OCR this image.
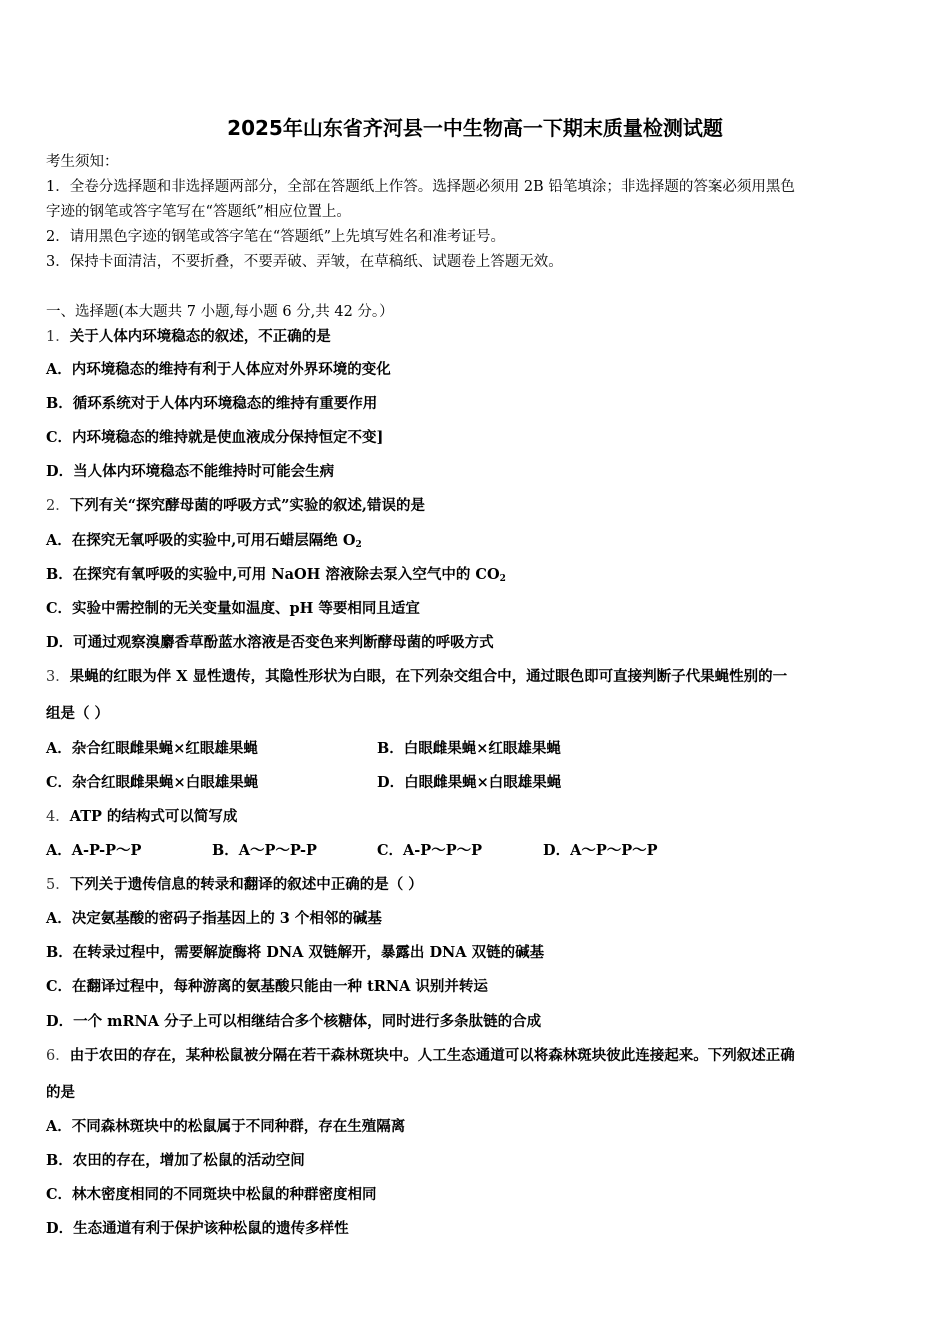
2025年山东省齐河县一中生物高一下期末质量检测试题
考生须知：
1．全卷分选择题和非选择题两部分，全部在答题纸上作答。选择题必须用 2B 铅笔填涂；非选择题的答案必须用黑色
字迹的钢笔或答字笔写在“答题纸”相应位置上。
2．请用黑色字迹的钢笔或答字笔在“答题纸”上先填写姓名和准考证号。
3．保持卡面清洁，不要折叠，不要弄破、弄皱，在草稿纸、试题卷上答题无效。
一、选择题(本大题共 7 小题,每小题 6 分,共 42 分。）
1．关于人体内环境稳态的叙述，不正确的是
A．内环境稳态的维持有利于人体应对外界环境的变化
B．循环系统对于人体内环境稳态的维持有重要作用
C．内环境稳态的维持就是使血液成分保持恒定不变]
D．当人体内环境稳态不能维持时可能会生病
2．下列有关“探究酵母菌的呼吸方式”实验的叙述,错误的是
A．在探究无氧呼吸的实验中,可用石蜡层隔绝 $O_2$
B．在探究有氧呼吸的实验中,可用 NaOH 溶液除去泵入空气中的 $CO_2$
C．实验中需控制的无关变量如温度、pH 等要相同且适宜
D．可通过观察溴麝香草酚蓝水溶液是否变色来判断酵母菌的呼吸方式
3．果蝇的红眼为伴 X 显性遗传，其隐性形状为白眼，在下列杂交组合中，通过眼色即可直接判断子代果蝇性别的一
组是（ ）
A．杂合红眼雌果蝇×红眼雄果蝇	B．白眼雌果蝇×红眼雄果蝇
C．杂合红眼雌果蝇×白眼雄果蝇	D．白眼雌果蝇×白眼雄果蝇
4．ATP 的结构式可以简写成
A．A-P-P～P	B．A～P～P-P	C．A-P～P～P	D．A～P～P～P
5．下列关于遗传信息的转录和翻译的叙述中正确的是（ ）
A．决定氨基酸的密码子指基因上的 3 个相邻的碱基
B．在转录过程中，需要解旋酶将 DNA 双链解开，暴露出 DNA 双链的碱基
C．在翻译过程中，每种游离的氨基酸只能由一种 tRNA 识别并转运
D．一个 mRNA 分子上可以相继结合多个核糖体，同时进行多条肽链的合成
6．由于农田的存在，某种松鼠被分隔在若干森林斑块中。人工生态通道可以将森林斑块彼此连接起来。下列叙述正确
的是
A．不同森林斑块中的松鼠属于不同种群，存在生殖隔离
B．农田的存在，增加了松鼠的活动空间
C．林木密度相同的不同斑块中松鼠的种群密度相同
D．生态通道有利于保护该种松鼠的遗传多样性
